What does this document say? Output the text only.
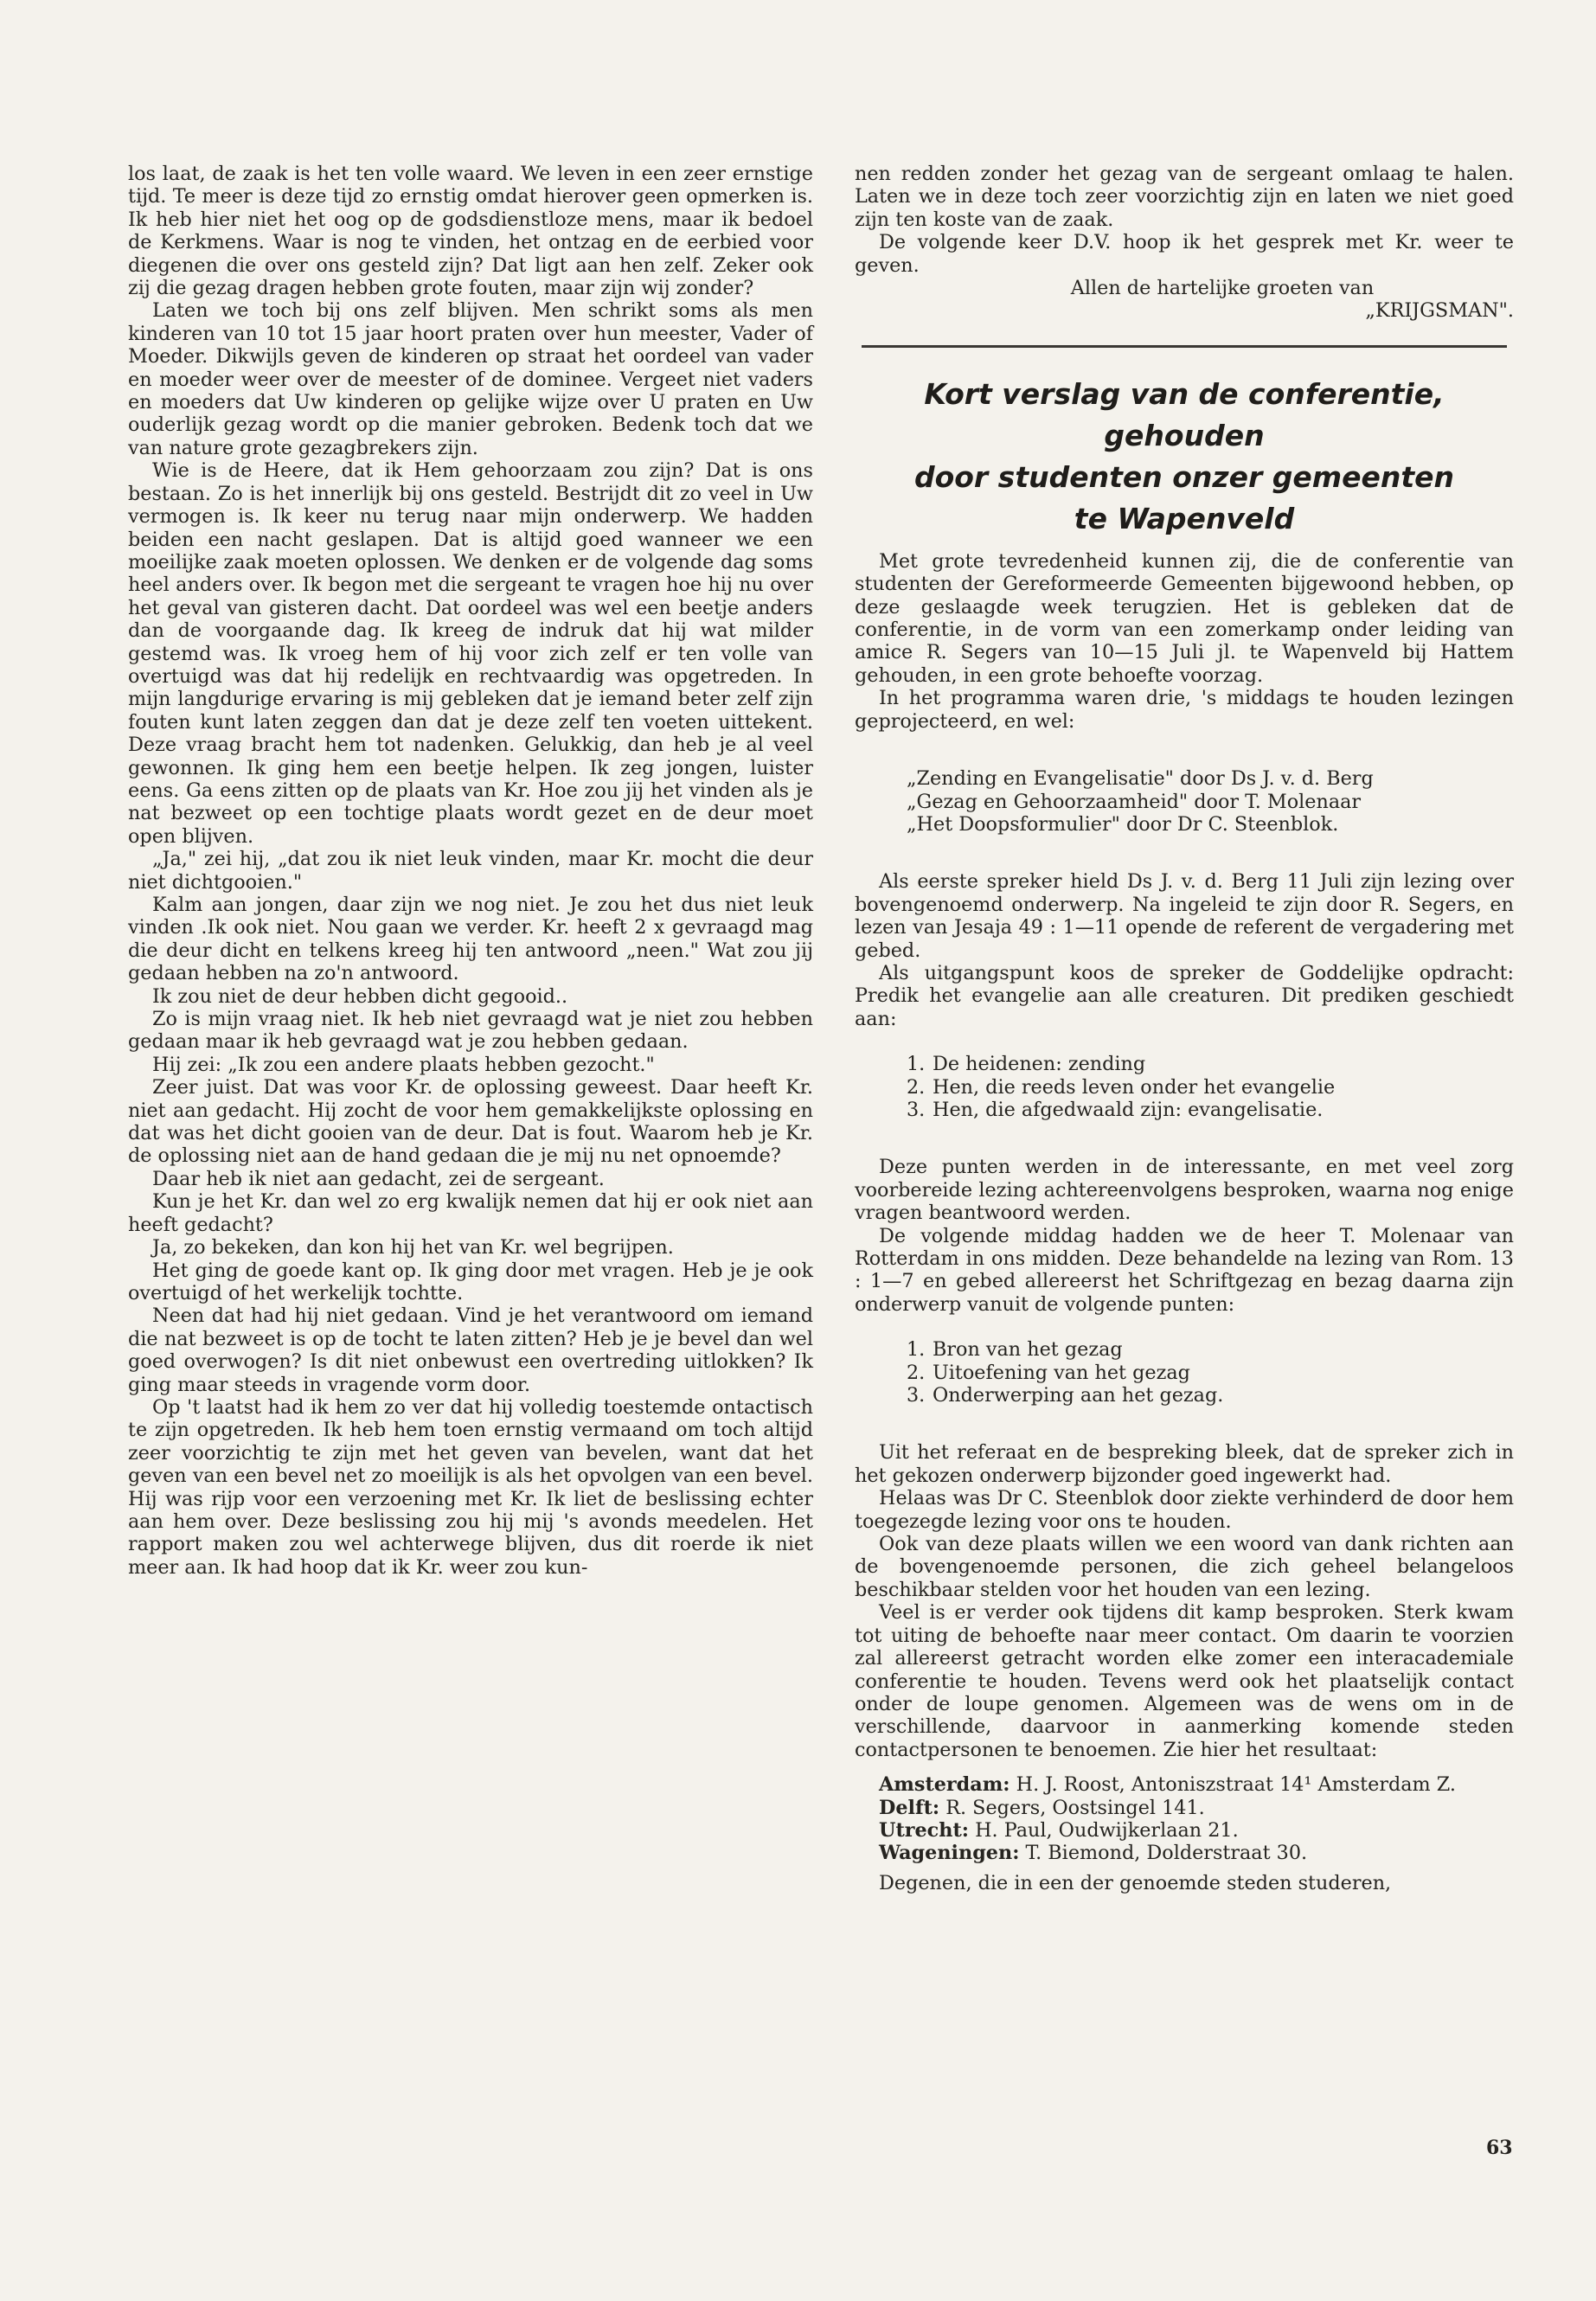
los laat, de zaak is het ten volle waard. We leven in een zeer ernstige tijd. Te meer is deze tijd zo ernstig omdat hierover geen opmerken is. Ik heb hier niet het oog op de godsdienstloze mens, maar ik bedoel de Kerkmens. Waar is nog te vinden, het ontzag en de eerbied voor diegenen die over ons gesteld zijn? Dat ligt aan hen zelf. Zeker ook zij die gezag dragen hebben grote fouten, maar zijn wij zonder?

Laten we toch bij ons zelf blijven. Men schrikt soms als men kinderen van 10 tot 15 jaar hoort praten over hun meester, Vader of Moeder. Dikwijls geven de kinderen op straat het oordeel van vader en moeder weer over de meester of de dominee. Vergeet niet vaders en moeders dat Uw kinderen op gelijke wijze over U praten en Uw ouderlijk gezag wordt op die manier gebroken. Bedenk toch dat we van nature grote gezagbrekers zijn.

Wie is de Heere, dat ik Hem gehoorzaam zou zijn? Dat is ons bestaan. Zo is het innerlijk bij ons gesteld. Bestrijdt dit zo veel in Uw vermogen is. Ik keer nu terug naar mijn onderwerp. We hadden beiden een nacht geslapen. Dat is altijd goed wanneer we een moeilijke zaak moeten oplossen. We denken er de volgende dag soms heel anders over. Ik begon met die sergeant te vragen hoe hij nu over het geval van gisteren dacht. Dat oordeel was wel een beetje anders dan de voorgaande dag. Ik kreeg de indruk dat hij wat milder gestemd was. Ik vroeg hem of hij voor zich zelf er ten volle van overtuigd was dat hij redelijk en rechtvaardig was opgetreden. In mijn langdurige ervaring is mij gebleken dat je iemand beter zelf zijn fouten kunt laten zeggen dan dat je deze zelf ten voeten uittekent. Deze vraag bracht hem tot nadenken. Gelukkig, dan heb je al veel gewonnen. Ik ging hem een beetje helpen. Ik zeg jongen, luister eens. Ga eens zitten op de plaats van Kr. Hoe zou jij het vinden als je nat bezweet op een tochtige plaats wordt gezet en de deur moet open blijven.

„Ja," zei hij, „dat zou ik niet leuk vinden, maar Kr. mocht die deur niet dichtgooien."

Kalm aan jongen, daar zijn we nog niet. Je zou het dus niet leuk vinden .Ik ook niet. Nou gaan we verder. Kr. heeft 2 x gevraagd mag die deur dicht en telkens kreeg hij ten antwoord „neen." Wat zou jij gedaan hebben na zo'n antwoord.

Ik zou niet de deur hebben dicht gegooid..

Zo is mijn vraag niet. Ik heb niet gevraagd wat je niet zou hebben gedaan maar ik heb gevraagd wat je zou hebben gedaan.

Hij zei: „Ik zou een andere plaats hebben gezocht."

Zeer juist. Dat was voor Kr. de oplossing geweest. Daar heeft Kr. niet aan gedacht. Hij zocht de voor hem gemakkelijkste oplossing en dat was het dicht gooien van de deur. Dat is fout. Waarom heb je Kr. de oplossing niet aan de hand gedaan die je mij nu net opnoemde?

Daar heb ik niet aan gedacht, zei de sergeant.

Kun je het Kr. dan wel zo erg kwalijk nemen dat hij er ook niet aan heeft gedacht?

Ja, zo bekeken, dan kon hij het van Kr. wel begrijpen.

Het ging de goede kant op. Ik ging door met vragen. Heb je je ook overtuigd of het werkelijk tochtte.

Neen dat had hij niet gedaan. Vind je het verantwoord om iemand die nat bezweet is op de tocht te laten zitten? Heb je je bevel dan wel goed overwogen? Is dit niet onbewust een overtreding uitlokken? Ik ging maar steeds in vragende vorm door.

Op 't laatst had ik hem zo ver dat hij volledig toestemde ontactisch te zijn opgetreden. Ik heb hem toen ernstig vermaand om toch altijd zeer voorzichtig te zijn met het geven van bevelen, want dat het geven van een bevel net zo moeilijk is als het opvolgen van een bevel. Hij was rijp voor een verzoening met Kr. Ik liet de beslissing echter aan hem over. Deze beslissing zou hij mij 's avonds meedelen. Het rapport maken zou wel achterwege blijven, dus dit roerde ik niet meer aan. Ik had hoop dat ik Kr. weer zou kun-

nen redden zonder het gezag van de sergeant omlaag te halen. Laten we in deze toch zeer voorzichtig zijn en laten we niet goed zijn ten koste van de zaak.

De volgende keer D.V. hoop ik het gesprek met Kr. weer te geven.

Allen de hartelijke groeten van

„KRIJGSMAN".

Kort verslag van de conferentie, gehouden
door studenten onzer gemeenten
te Wapenveld

Met grote tevredenheid kunnen zij, die de conferentie van studenten der Gereformeerde Gemeenten bijgewoond hebben, op deze geslaagde week terugzien. Het is gebleken dat de conferentie, in de vorm van een zomerkamp onder leiding van amice R. Segers van 10—15 Juli jl. te Wapenveld bij Hattem gehouden, in een grote behoefte voorzag.

In het programma waren drie, 's middags te houden lezingen geprojecteerd, en wel:

„Zending en Evangelisatie" door Ds J. v. d. Berg
„Gezag en Gehoorzaamheid" door T. Molenaar
„Het Doopsformulier" door Dr C. Steenblok.

Als eerste spreker hield Ds J. v. d. Berg 11 Juli zijn lezing over bovengenoemd onderwerp. Na ingeleid te zijn door R. Segers, en lezen van Jesaja 49 : 1—11 opende de referent de vergadering met gebed.

Als uitgangspunt koos de spreker de Goddelijke opdracht: Predik het evangelie aan alle creaturen. Dit prediken geschiedt aan:

1. De heidenen: zending
2. Hen, die reeds leven onder het evangelie
3. Hen, die afgedwaald zijn: evangelisatie.

Deze punten werden in de interessante, en met veel zorg voorbereide lezing achtereenvolgens besproken, waarna nog enige vragen beantwoord werden.

De volgende middag hadden we de heer T. Molenaar van Rotterdam in ons midden. Deze behandelde na lezing van Rom. 13 : 1—7 en gebed allereerst het Schriftgezag en bezag daarna zijn onderwerp vanuit de volgende punten:

1. Bron van het gezag
2. Uitoefening van het gezag
3. Onderwerping aan het gezag.

Uit het referaat en de bespreking bleek, dat de spreker zich in het gekozen onderwerp bijzonder goed ingewerkt had.

Helaas was Dr C. Steenblok door ziekte verhinderd de door hem toegezegde lezing voor ons te houden.

Ook van deze plaats willen we een woord van dank richten aan de bovengenoemde personen, die zich geheel belangeloos beschikbaar stelden voor het houden van een lezing.

Veel is er verder ook tijdens dit kamp besproken. Sterk kwam tot uiting de behoefte naar meer contact. Om daarin te voorzien zal allereerst getracht worden elke zomer een interacademiale conferentie te houden. Tevens werd ook het plaatselijk contact onder de loupe genomen. Algemeen was de wens om in de verschillende, daarvoor in aanmerking komende steden contactpersonen te benoemen. Zie hier het resultaat:

Amsterdam: H. J. Roost, Antoniszstraat 14¹ Amsterdam Z.

Delft: R. Segers, Oostsingel 141.

Utrecht: H. Paul, Oudwijkerlaan 21.

Wageningen: T. Biemond, Dolderstraat 30.

Degenen, die in een der genoemde steden studeren,

63
